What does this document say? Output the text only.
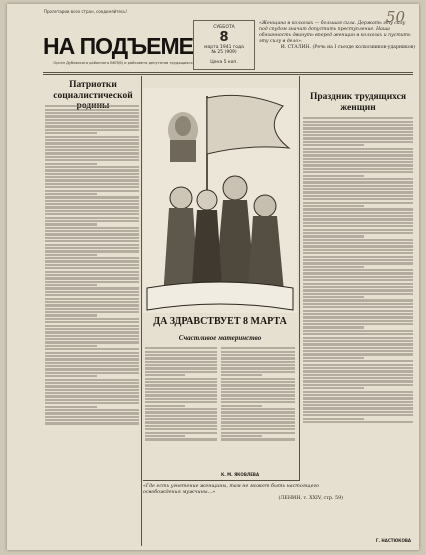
50
Пролетарии всех стран, соединяйтесь!
НА ПОДЪЕМЕ
Орган Дубовского районного ВКП(б) и райсовета депутатов трудящихся
СУББОТА
8
марта 1941 года
№ 25 (909)
Цена 5 коп.
«Женщина в колхозах — большая сила. Держать эту силу под спудом значит допустить преступление. Наша обязанность двинуть вперед женщин в колхозах и пустить эту силу в дело».
И. СТАЛИН. (Речь на I съезде колхозников-ударников)
Патриотки социалистической
ДА ЗДРАВСТВУЕТ 8 МАРТА
Счастливое материнство
К. М. ЯКОВЛЕВА
«Где есть угнетение женщины, там не может быть настоящего освобождения мужчины...»
(ЛЕНИН, т. XXIV, стр. 59)
Праздник трудящихся женщин
Г. НАСТЮКОВА
